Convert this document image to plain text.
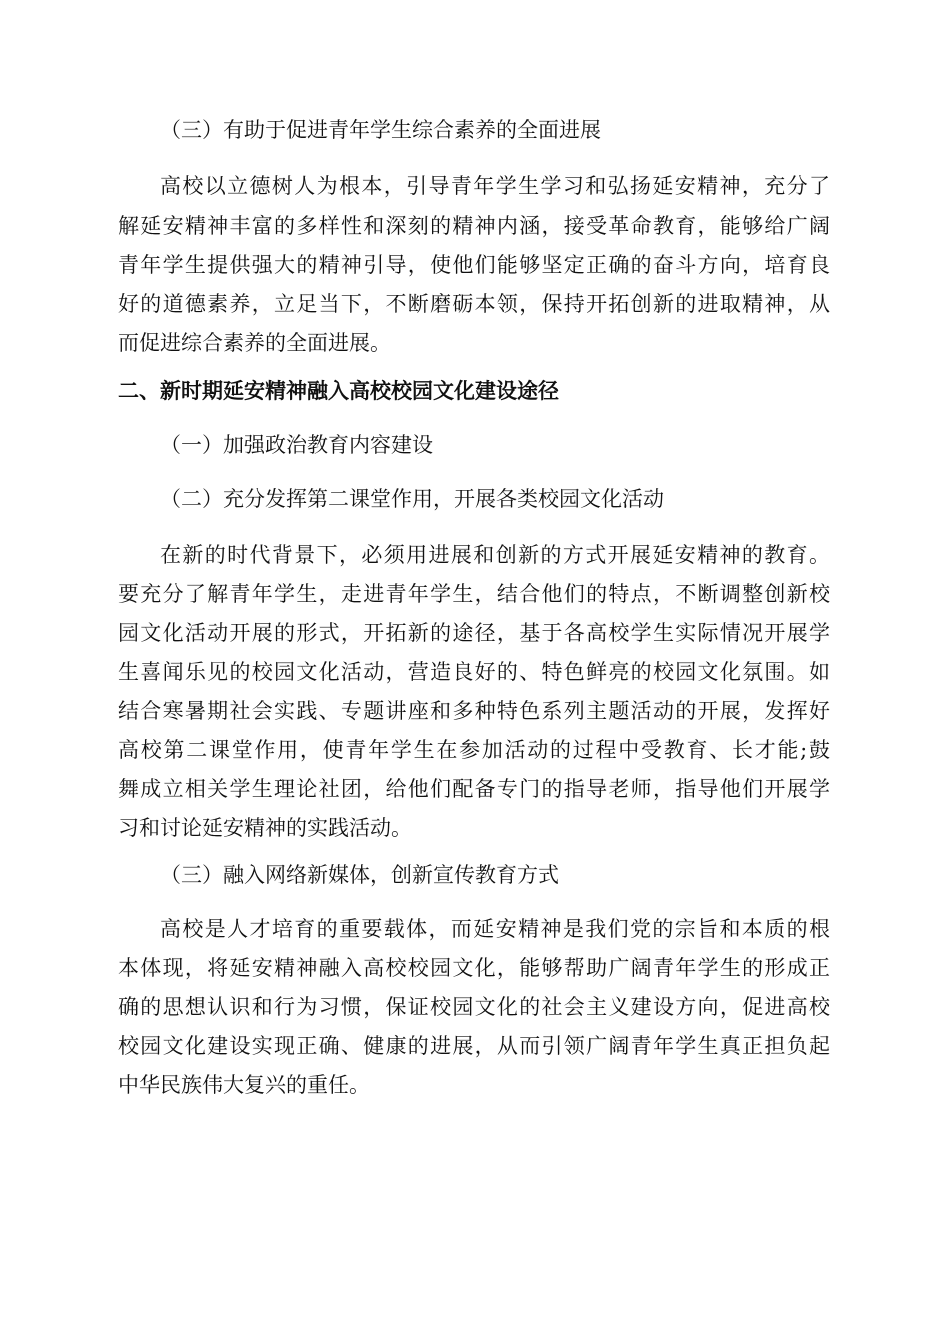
（三）有助于促进青年学生综合素养的全面进展
高校以立德树人为根本，引导青年学生学习和弘扬延安精神，充分了
解延安精神丰富的多样性和深刻的精神内涵，接受革命教育，能够给广阔
青年学生提供强大的精神引导，使他们能够坚定正确的奋斗方向，培育良
好的道德素养，立足当下，不断磨砺本领，保持开拓创新的进取精神，从
而促进综合素养的全面进展。
二、新时期延安精神融入高校校园文化建设途径
（一）加强政治教育内容建设
（二）充分发挥第二课堂作用，开展各类校园文化活动
在新的时代背景下，必须用进展和创新的方式开展延安精神的教育。
要充分了解青年学生，走进青年学生，结合他们的特点，不断调整创新校
园文化活动开展的形式，开拓新的途径，基于各高校学生实际情况开展学
生喜闻乐见的校园文化活动，营造良好的、特色鲜亮的校园文化氛围。如
结合寒暑期社会实践、专题讲座和多种特色系列主题活动的开展，发挥好
高校第二课堂作用，使青年学生在参加活动的过程中受教育、长才能;鼓
舞成立相关学生理论社团，给他们配备专门的指导老师，指导他们开展学
习和讨论延安精神的实践活动。
（三）融入网络新媒体，创新宣传教育方式
高校是人才培育的重要载体，而延安精神是我们党的宗旨和本质的根
本体现，将延安精神融入高校校园文化，能够帮助广阔青年学生的形成正
确的思想认识和行为习惯，保证校园文化的社会主义建设方向，促进高校
校园文化建设实现正确、健康的进展，从而引领广阔青年学生真正担负起
中华民族伟大复兴的重任。
